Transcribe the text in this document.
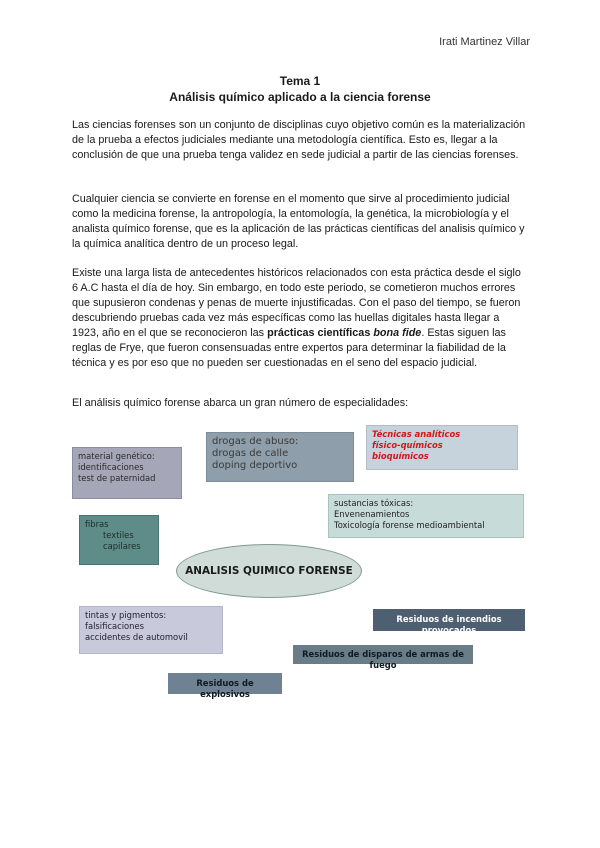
Irati Martinez Villar
Tema 1
Análisis químico aplicado a la ciencia forense

Las ciencias forenses son un conjunto de disciplinas cuyo objetivo común es la materialización de la prueba a efectos judiciales mediante una metodología científica. Esto es, llegar a la conclusión de que una prueba tenga validez en sede judicial a partir de las ciencias forenses.

Cualquier ciencia se convierte en forense en el momento que sirve al procedimiento judicial como la medicina forense, la antropología, la entomología, la genética, la microbiología y el analista químico forense, que es la aplicación de las prácticas científicas del analisis químico y la química analítica dentro de un proceso legal.

Existe una larga lista de antecedentes históricos relacionados con esta práctica desde el siglo 6 A.C hasta el día de hoy. Sin embargo, en todo este periodo, se cometieron muchos errores que supusieron condenas y penas de muerte injustificadas. Con el paso del tiempo, se fueron descubriendo pruebas cada vez más específicas como las huellas digitales hasta llegar a 1923, año en el que se reconocieron las prácticas científicas bona fide. Estas siguen las reglas de Frye, que fueron consensuadas entre expertos para determinar la fiabilidad de la técnica y es por eso que no pueden ser cuestionadas en el seno del espacio judicial.

El análisis químico forense abarca un gran número de especialidades:

material genético:
identificaciones
test de paternidad
drogas de abuso:
drogas de calle
doping deportivo
Técnicas analíticos
físico-químicos
bioquímicos
sustancias tóxicas:
Envenenamientos
Toxicología forense medioambiental
fibras
textiles
capilares
ANALISIS QUIMICO FORENSE
tintas y pigmentos:
falsificaciones
accidentes de automovil
Residuos de incendios provocados
Residuos de disparos de armas de fuego
Residuos de explosivos
